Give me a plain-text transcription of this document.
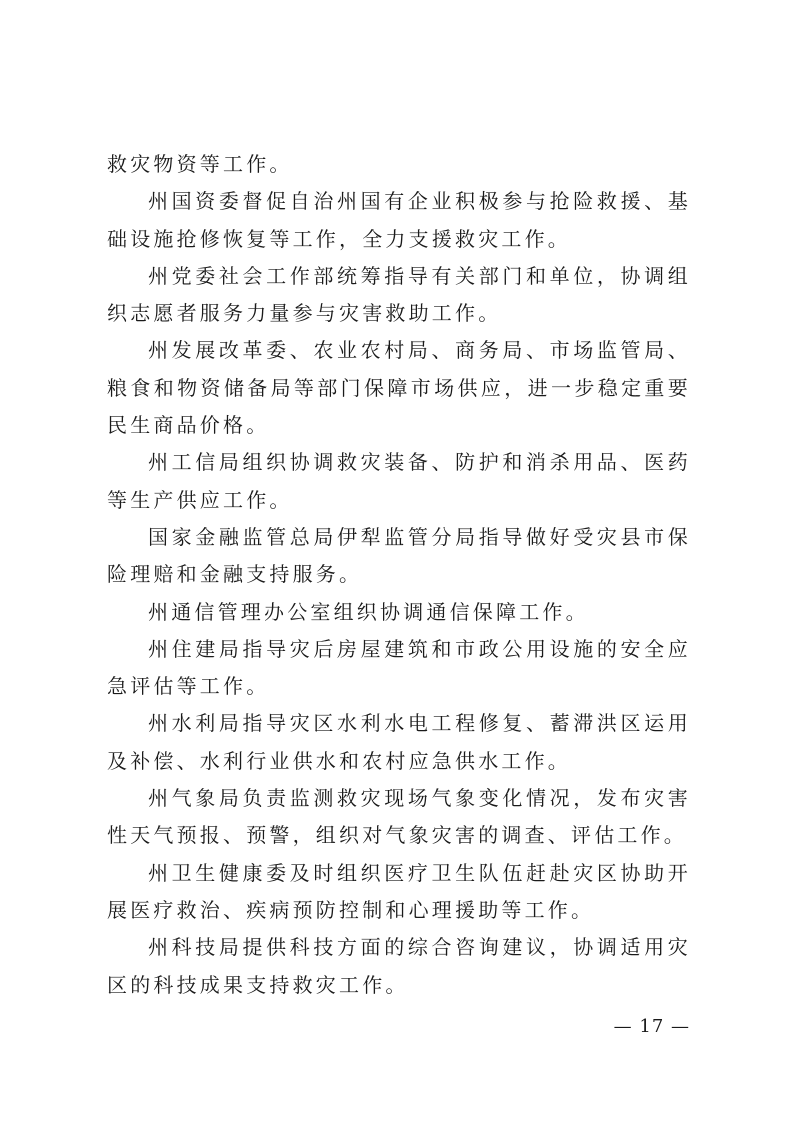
救灾物资等工作。

州国资委督促自治州国有企业积极参与抢险救援、基础设施抢修恢复等工作，全力支援救灾工作。

州党委社会工作部统筹指导有关部门和单位，协调组织志愿者服务力量参与灾害救助工作。

州发展改革委、农业农村局、商务局、市场监管局、粮食和物资储备局等部门保障市场供应，进一步稳定重要民生商品价格。

州工信局组织协调救灾装备、防护和消杀用品、医药等生产供应工作。

国家金融监管总局伊犁监管分局指导做好受灾县市保险理赔和金融支持服务。

州通信管理办公室组织协调通信保障工作。

州住建局指导灾后房屋建筑和市政公用设施的安全应急评估等工作。

州水利局指导灾区水利水电工程修复、蓄滞洪区运用及补偿、水利行业供水和农村应急供水工作。

州气象局负责监测救灾现场气象变化情况，发布灾害性天气预报、预警，组织对气象灾害的调查、评估工作。

州卫生健康委及时组织医疗卫生队伍赶赴灾区协助开展医疗救治、疾病预防控制和心理援助等工作。

州科技局提供科技方面的综合咨询建议，协调适用灾区的科技成果支持救灾工作。

— 17 —
